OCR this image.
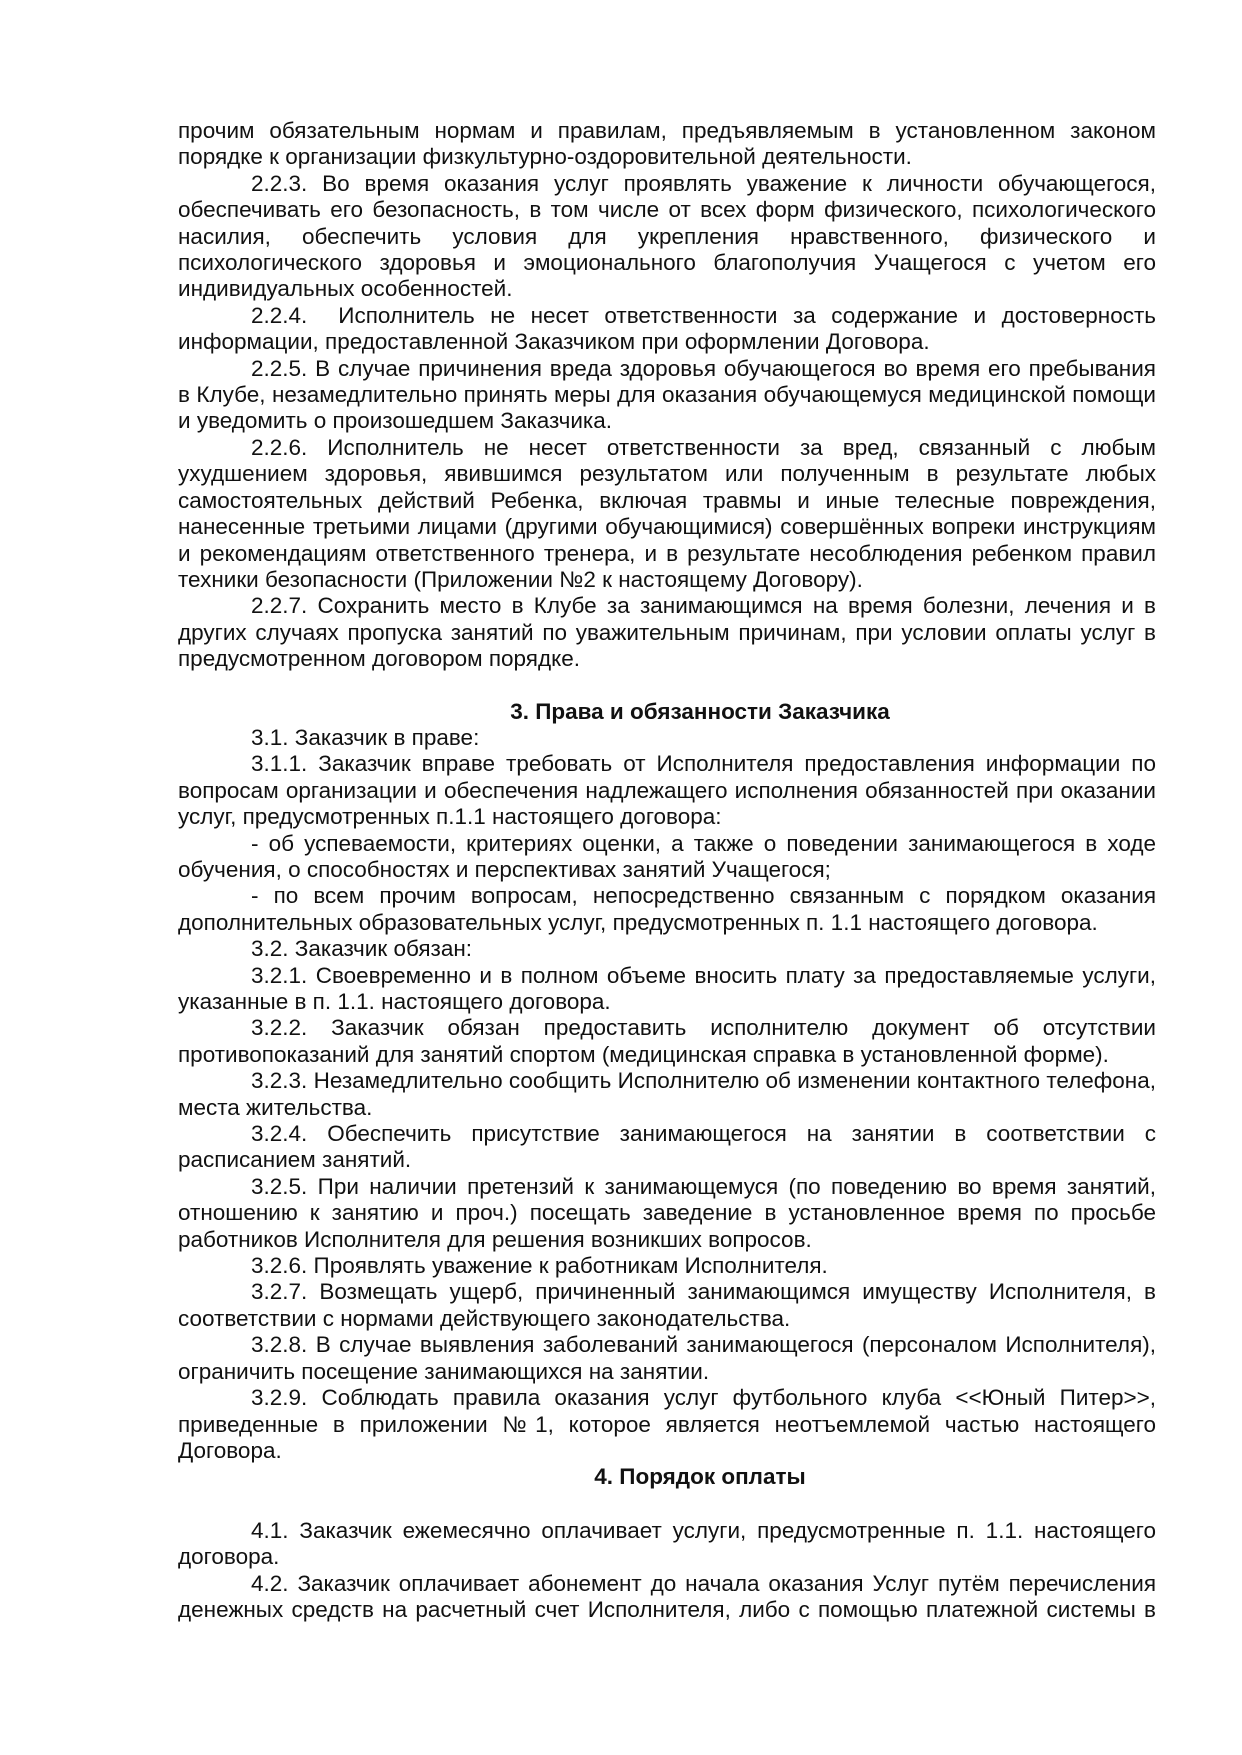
прочим обязательным нормам и правилам, предъявляемым в установленном законом порядке к организации физкультурно-оздоровительной деятельности.

2.2.3. Во время оказания услуг проявлять уважение к личности обучающегося, обеспечивать его безопасность, в том числе от всех форм физического, психологического насилия, обеспечить условия для укрепления нравственного, физического и психологического здоровья и эмоционального благополучия Учащегося с учетом его индивидуальных особенностей.

2.2.4.  Исполнитель не несет ответственности за содержание и достоверность информации, предоставленной Заказчиком при оформлении Договора.

2.2.5. В случае причинения вреда здоровья обучающегося во время его пребывания в Клубе, незамедлительно принять меры для оказания обучающемуся медицинской помощи и уведомить о произошедшем Заказчика.

2.2.6. Исполнитель не несет ответственности за вред, связанный с любым ухудшением здоровья, явившимся результатом или полученным в результате любых самостоятельных действий Ребенка, включая травмы и иные телесные повреждения, нанесенные третьими лицами (другими обучающимися) совершённых вопреки инструкциям и рекомендациям ответственного тренера, и в результате несоблюдения ребенком правил техники безопасности (Приложении №2 к настоящему Договору).

2.2.7. Сохранить место в Клубе за занимающимся на время болезни, лечения и в других случаях пропуска занятий по уважительным причинам, при условии оплаты услуг в предусмотренном договором порядке.

3. Права и обязанности Заказчика

3.1. Заказчик в праве:

3.1.1. Заказчик вправе требовать от Исполнителя предоставления информации по вопросам организации и обеспечения надлежащего исполнения обязанностей при оказании услуг, предусмотренных п.1.1 настоящего договора:

- об успеваемости, критериях оценки, а также о поведении занимающегося в ходе обучения, о способностях и перспективах занятий Учащегося;

- по всем прочим вопросам, непосредственно связанным с порядком оказания дополнительных образовательных услуг, предусмотренных п. 1.1 настоящего договора.

3.2. Заказчик обязан:

3.2.1. Своевременно и в полном объеме вносить плату за предоставляемые услуги, указанные в п. 1.1. настоящего договора.

3.2.2. Заказчик обязан предоставить исполнителю документ об отсутствии противопоказаний для занятий спортом (медицинская справка в установленной форме).

3.2.3. Незамедлительно сообщить Исполнителю об изменении контактного телефона, места жительства.

3.2.4. Обеспечить присутствие занимающегося на занятии в соответствии с расписанием занятий.

3.2.5. При наличии претензий к занимающемуся (по поведению во время занятий, отношению к занятию и проч.) посещать заведение в установленное время по просьбе работников Исполнителя для решения возникших вопросов.

3.2.6. Проявлять уважение к работникам Исполнителя.

3.2.7. Возмещать ущерб, причиненный занимающимся имуществу Исполнителя, в соответствии с нормами действующего законодательства.

3.2.8. В случае выявления заболеваний занимающегося (персоналом Исполнителя), ограничить посещение занимающихся на занятии.

3.2.9. Соблюдать правила оказания услуг футбольного клуба <<Юный Питер>>, приведенные в приложении №1, которое является неотъемлемой частью настоящего Договора.

4. Порядок оплаты

4.1. Заказчик ежемесячно оплачивает услуги, предусмотренные п. 1.1. настоящего договора.

4.2. Заказчик оплачивает абонемент до начала оказания Услуг путём перечисления денежных средств на расчетный счет Исполнителя, либо с помощью платежной системы в
